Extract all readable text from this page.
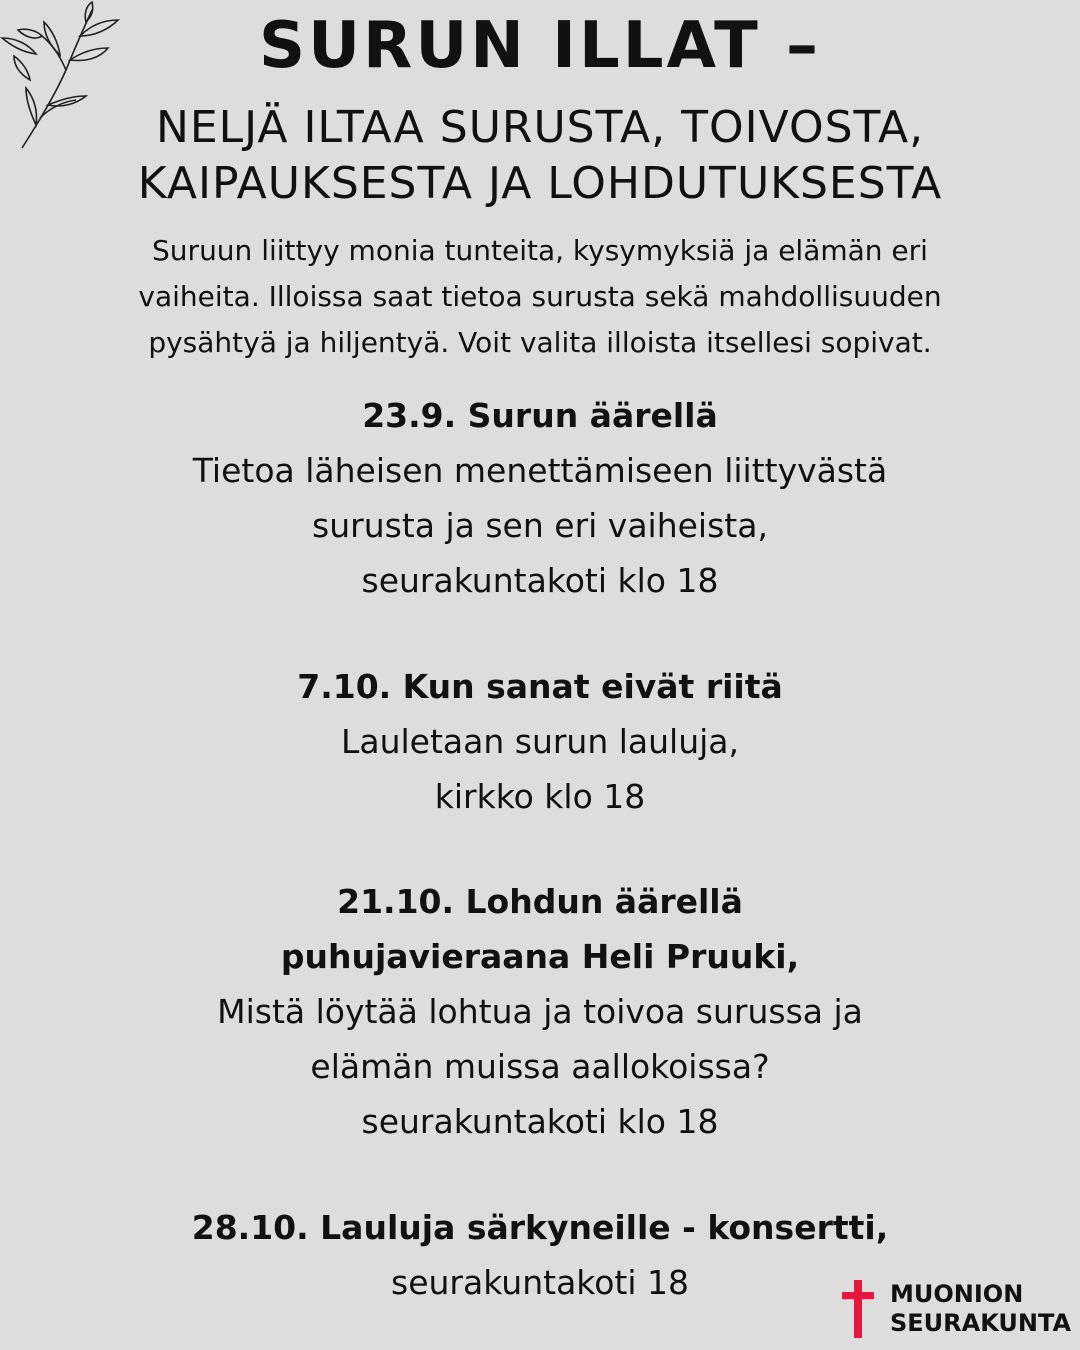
SURUN ILLAT –
NELJÄ ILTAA SURUSTA, TOIVOSTA,
KAIPAUKSESTA JA LOHDUTUKSESTA
Suruun liittyy monia tunteita, kysymyksiä ja elämän eri
vaiheita. Illoissa saat tietoa surusta sekä mahdollisuuden
pysähtyä ja hiljentyä. Voit valita illoista itsellesi sopivat.
23.9. Surun äärellä
Tietoa läheisen menettämiseen liittyvästä
surusta ja sen eri vaiheista,
seurakuntakoti klo 18
7.10. Kun sanat eivät riitä
Lauletaan surun lauluja,
kirkko klo 18
21.10. Lohdun äärellä
puhujavieraana Heli Pruuki,
Mistä löytää lohtua ja toivoa surussa ja
elämän muissa aallokoissa?
seurakuntakoti klo 18
28.10. Lauluja särkyneille - konsertti,
seurakuntakoti 18	MUONION
SEURAKUNTA
